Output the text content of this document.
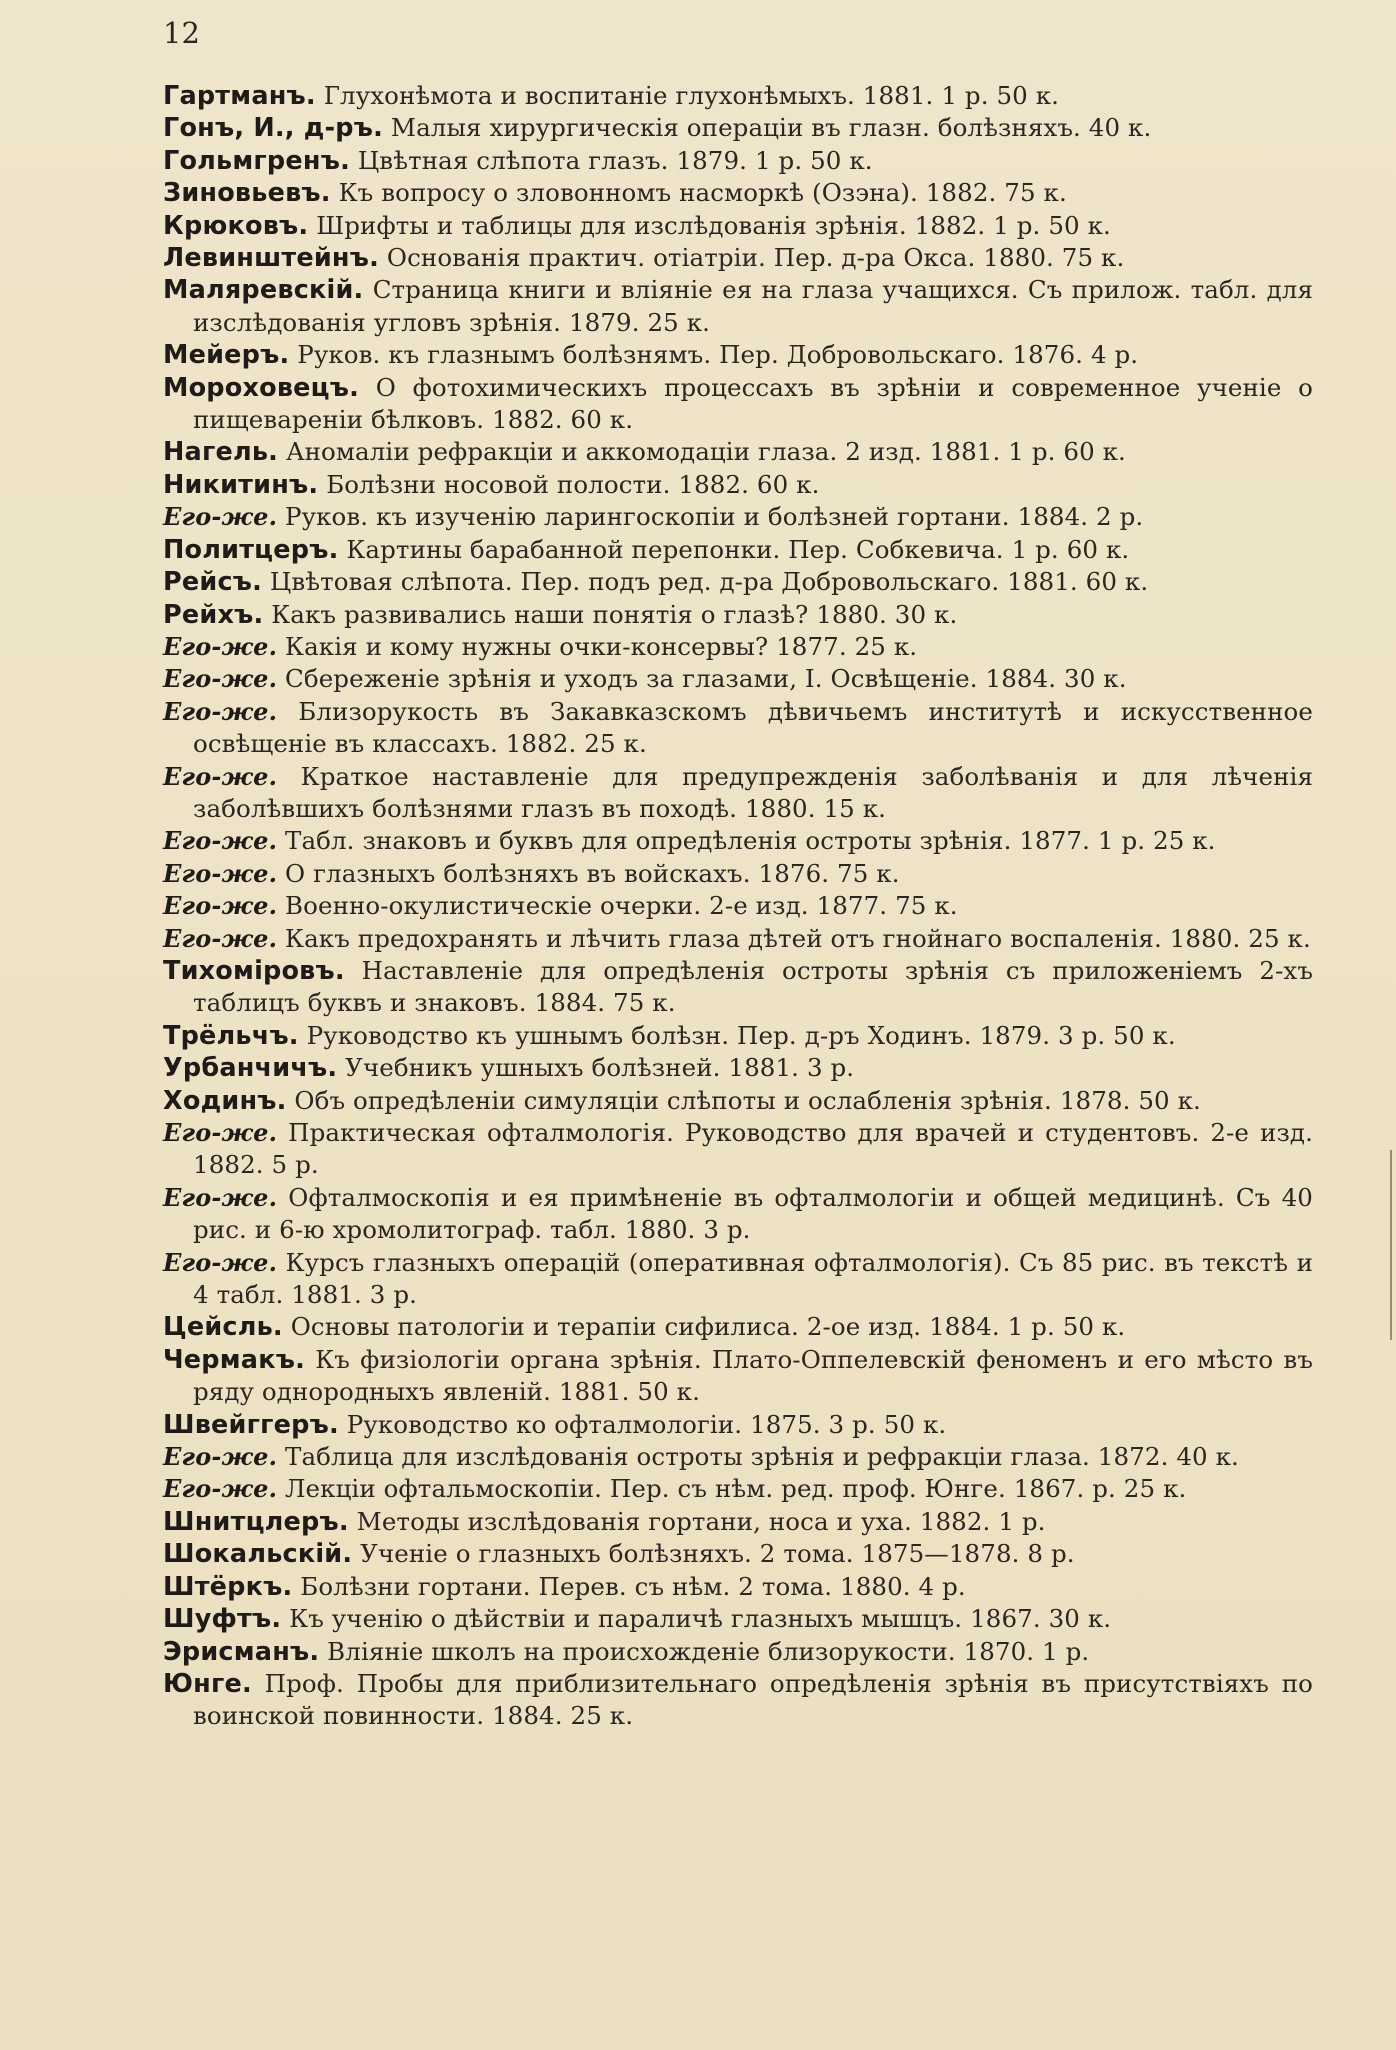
12
Гартманъ. Глухонѣмота и воспитаніе глухонѣмыхъ. 1881. 1 р. 50 к.
Гонъ, И., д-ръ. Малыя хирургическія операціи въ глазн. болѣзняхъ. 40 к.
Гольмгренъ. Цвѣтная слѣпота глазъ. 1879. 1 р. 50 к.
Зиновьевъ. Къ вопросу о зловонномъ насморкѣ (Озэна). 1882. 75 к.
Крюковъ. Шрифты и таблицы для изслѣдованія зрѣнія. 1882. 1 р. 50 к.
Левинштейнъ. Основанія практич. отіатріи. Пер. д-ра Окса. 1880. 75 к.
Маляревскій. Страница книги и вліяніе ея на глаза учащихся. Съ прилож. табл. для изслѣдованія угловъ зрѣнія. 1879. 25 к.
Мейеръ. Руков. къ глазнымъ болѣзнямъ. Пер. Добровольскаго. 1876. 4 р.
Мороховецъ. О фотохимическихъ процессахъ въ зрѣніи и современное ученіе о пищевареніи бѣлковъ. 1882. 60 к.
Нагель. Аномаліи рефракціи и аккомодаціи глаза. 2 изд. 1881. 1 р. 60 к.
Никитинъ. Болѣзни носовой полости. 1882. 60 к.
Его-же. Руков. къ изученію ларингоскопіи и болѣзней гортани. 1884. 2 р.
Политцеръ. Картины барабанной перепонки. Пер. Собкевича. 1 р. 60 к.
Рейсъ. Цвѣтовая слѣпота. Пер. подъ ред. д-ра Добровольскаго. 1881. 60 к.
Рейхъ. Какъ развивались наши понятія о глазѣ? 1880. 30 к.
Его-же. Какія и кому нужны очки-консервы? 1877. 25 к.
Его-же. Сбереженіе зрѣнія и уходъ за глазами, I. Освѣщеніе. 1884. 30 к.
Его-же. Близорукость въ Закавказскомъ дѣвичьемъ институтѣ и искусственное освѣщеніе въ классахъ. 1882. 25 к.
Его-же. Краткое наставленіе для предупрежденія заболѣванія и для лѣченія заболѣвшихъ болѣзнями глазъ въ походѣ. 1880. 15 к.
Его-же. Табл. знаковъ и буквъ для опредѣленія остроты зрѣнія. 1877. 1 р. 25 к.
Его-же. О глазныхъ болѣзняхъ въ войскахъ. 1876. 75 к.
Его-же. Военно-окулистическіе очерки. 2-е изд. 1877. 75 к.
Его-же. Какъ предохранять и лѣчить глаза дѣтей отъ гнойнаго воспаленія. 1880. 25 к.
Тихоміровъ. Наставленіе для опредѣленія остроты зрѣнія съ приложеніемъ 2-хъ таблицъ буквъ и знаковъ. 1884. 75 к.
Трёльчъ. Руководство къ ушнымъ болѣзн. Пер. д-ръ Ходинъ. 1879. 3 р. 50 к.
Урбанчичъ. Учебникъ ушныхъ болѣзней. 1881. 3 р.
Ходинъ. Объ опредѣленіи симуляціи слѣпоты и ослабленія зрѣнія. 1878. 50 к.
Его-же. Практическая офталмологія. Руководство для врачей и студентовъ. 2-е изд. 1882. 5 р.
Его-же. Офталмоскопія и ея примѣненіе въ офталмологіи и общей медицинѣ. Съ 40 рис. и 6-ю хромолитограф. табл. 1880. 3 р.
Его-же. Курсъ глазныхъ операцій (оперативная офталмологія). Съ 85 рис. въ текстѣ и 4 табл. 1881. 3 р.
Цейсль. Основы патологіи и терапіи сифилиса. 2-ое изд. 1884. 1 р. 50 к.
Чермакъ. Къ физіологіи органа зрѣнія. Плато-Оппелевскій феноменъ и его мѣсто въ ряду однородныхъ явленій. 1881. 50 к.
Швейггеръ. Руководство ко офталмологіи. 1875. 3 р. 50 к.
Его-же. Таблица для изслѣдованія остроты зрѣнія и рефракціи глаза. 1872. 40 к.
Его-же. Лекціи офтальмоскопіи. Пер. съ нѣм. ред. проф. Юнге. 1867. р. 25 к.
Шнитцлеръ. Методы изслѣдованія гортани, носа и уха. 1882. 1 р.
Шокальскій. Ученіе о глазныхъ болѣзняхъ. 2 тома. 1875—1878. 8 р.
Штёркъ. Болѣзни гортани. Перев. съ нѣм. 2 тома. 1880. 4 р.
Шуфтъ. Къ ученію о дѣйствіи и параличѣ глазныхъ мышцъ. 1867. 30 к.
Эрисманъ. Вліяніе школъ на происхожденіе близорукости. 1870. 1 р.
Юнге. Проф. Пробы для приблизительнаго опредѣленія зрѣнія въ присутствіяхъ по воинской повинности. 1884. 25 к.
